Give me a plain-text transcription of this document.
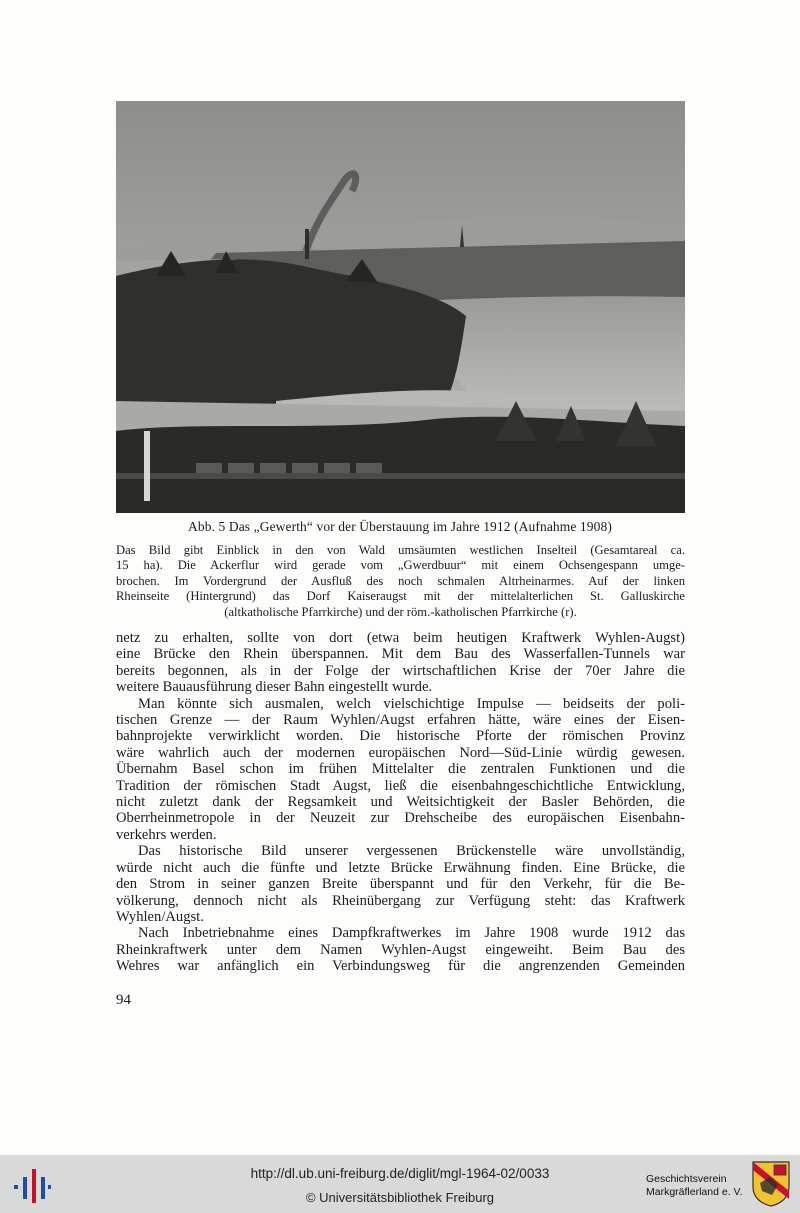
Abb. 5 Das „Gewerth“ vor der Überstauung im Jahre 1912 (Aufnahme 1908)
Das Bild gibt Einblick in den von Wald umsäumten westlichen Inselteil (Gesamtareal ca.
15 ha). Die Ackerflur wird gerade vom „Gwerdbuur“ mit einem Ochsengespann umge-
brochen. Im Vordergrund der Ausfluß des noch schmalen Altrheinarmes. Auf der linken
Rheinseite (Hintergrund) das Dorf Kaiseraugst mit der mittelalterlichen St. Galluskirche
(altkatholische Pfarrkirche) und der röm.-katholischen Pfarrkirche (r).
netz zu erhalten, sollte von dort (etwa beim heutigen Kraftwerk Wyhlen-Augst)
eine Brücke den Rhein überspannen. Mit dem Bau des Wasserfallen-Tunnels war
bereits begonnen, als in der Folge der wirtschaftlichen Krise der 70er Jahre die
weitere Bauausführung dieser Bahn eingestellt wurde.
Man könnte sich ausmalen, welch vielschichtige Impulse — beidseits der poli-
tischen Grenze — der Raum Wyhlen/Augst erfahren hätte, wäre eines der Eisen-
bahnprojekte verwirklicht worden. Die historische Pforte der römischen Provinz
wäre wahrlich auch der modernen europäischen Nord—Süd-Linie würdig gewesen.
Übernahm Basel schon im frühen Mittelalter die zentralen Funktionen und die
Tradition der römischen Stadt Augst, ließ die eisenbahngeschichtliche Entwicklung,
nicht zuletzt dank der Regsamkeit und Weitsichtigkeit der Basler Behörden, die
Oberrheinmetropole in der Neuzeit zur Drehscheibe des europäischen Eisenbahn-
verkehrs werden.
Das historische Bild unserer vergessenen Brückenstelle wäre unvollständig,
würde nicht auch die fünfte und letzte Brücke Erwähnung finden. Eine Brücke, die
den Strom in seiner ganzen Breite überspannt und für den Verkehr, für die Be-
völkerung, dennoch nicht als Rheinübergang zur Verfügung steht: das Kraftwerk
Wyhlen/Augst.
Nach Inbetriebnahme eines Dampfkraftwerkes im Jahre 1908 wurde 1912 das
Rheinkraftwerk unter dem Namen Wyhlen-Augst eingeweiht. Beim Bau des
Wehres war anfänglich ein Verbindungsweg für die angrenzenden Gemeinden
94
http://dl.ub.uni-freiburg.de/diglit/mgl-1964-02/0033
© Universitätsbibliothek Freiburg
Geschichtsverein
Markgräflerland e. V.
